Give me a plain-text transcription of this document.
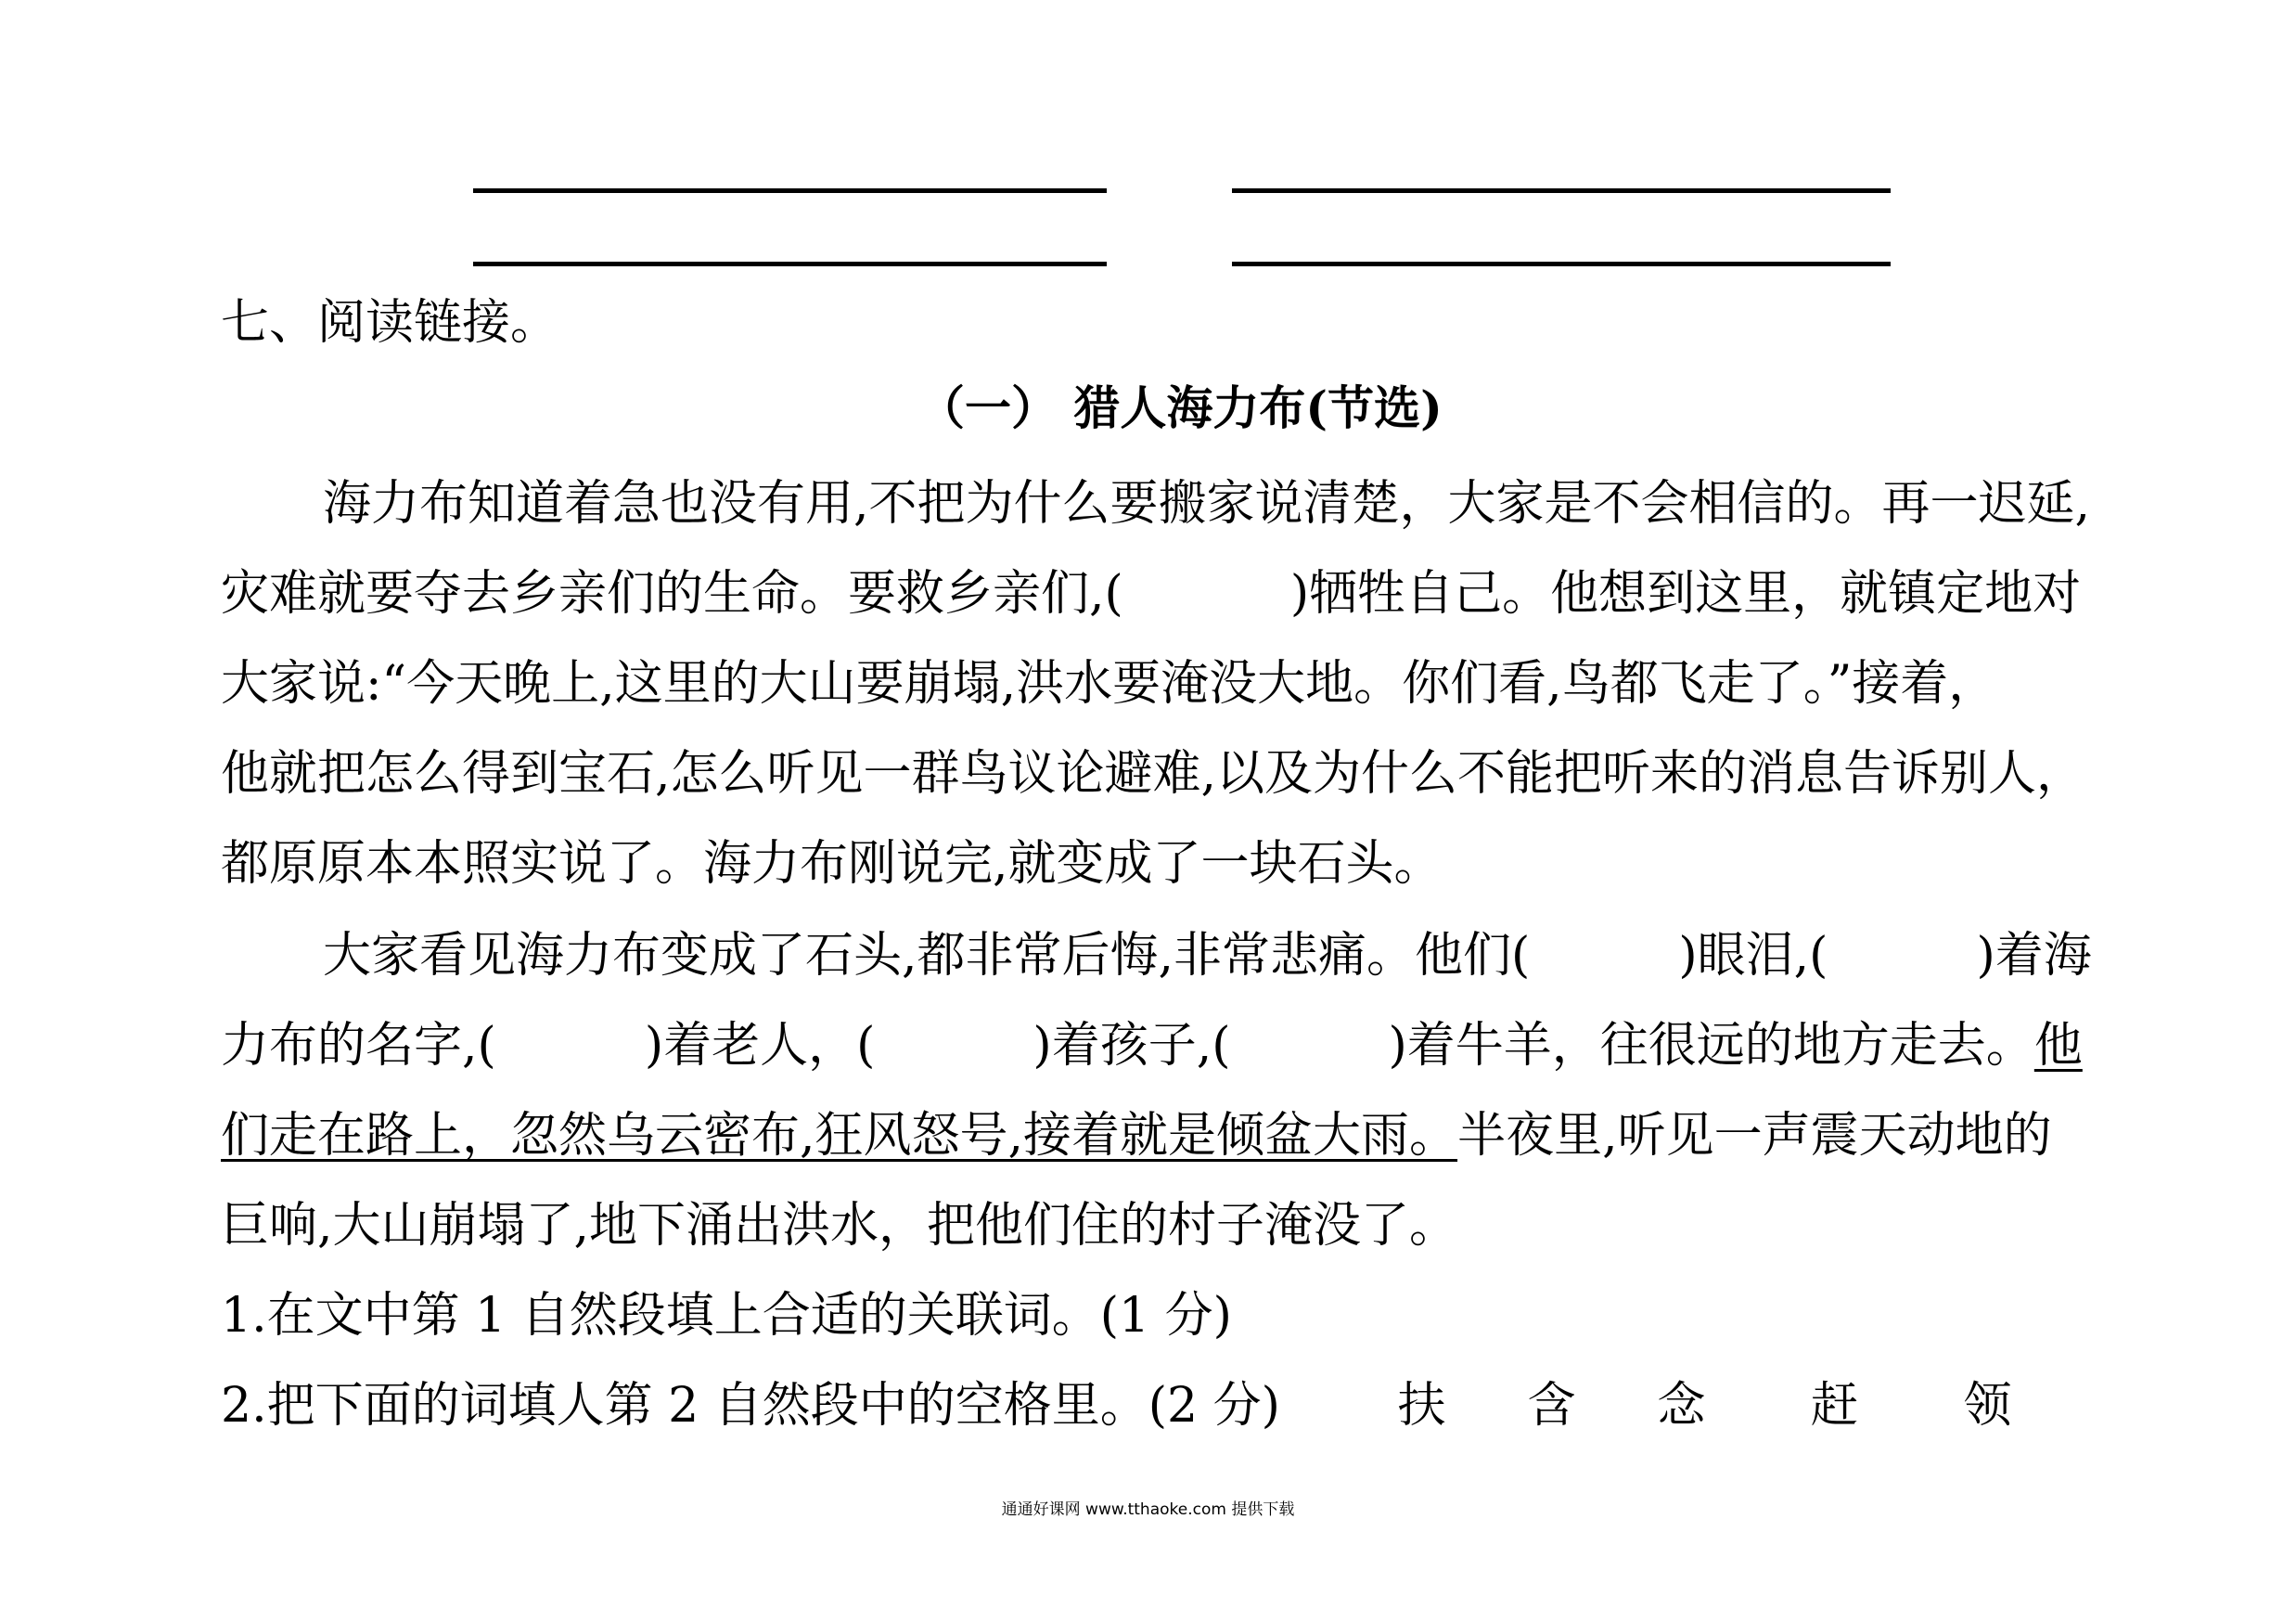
七、阅读链接。
（一） 猎人海力布(节选)
海力布知道着急也没有用,不把为什么要搬家说清楚，大家是不会相信的。再一迟延,
灾难就要夺去乡亲们的生命。要救乡亲们,(	)牺牲自己。他想到这里，就镇定地对
大家说:“今天晚上,这里的大山要崩塌,洪水要淹没大地。你们看,鸟都飞走了。”接着，
他就把怎么得到宝石,怎么听见一群鸟议论避难,以及为什么不能把听来的消息告诉别人，
都原原本本照实说了。海力布刚说完,就变成了一块石头。
大家看见海力布变成了石头,都非常后悔,非常悲痛。他们(	)眼泪,(	)着海
力布的名字,(	)着老人，(	)着孩子,(	)着牛羊，往很远的地方走去。他
们走在路上，忽然乌云密布,狂风怒号,接着就是倾盆大雨。半夜里,听见一声震天动地的
巨响,大山崩塌了,地下涌出洪水，把他们住的村子淹没了。
1.在文中第 1 自然段填上合适的关联词。(1 分)
2.把下面的词填人第 2 自然段中的空格里。(2 分) 扶 含 念 赶 领
通通好课网 www.tthaoke.com 提供下载
